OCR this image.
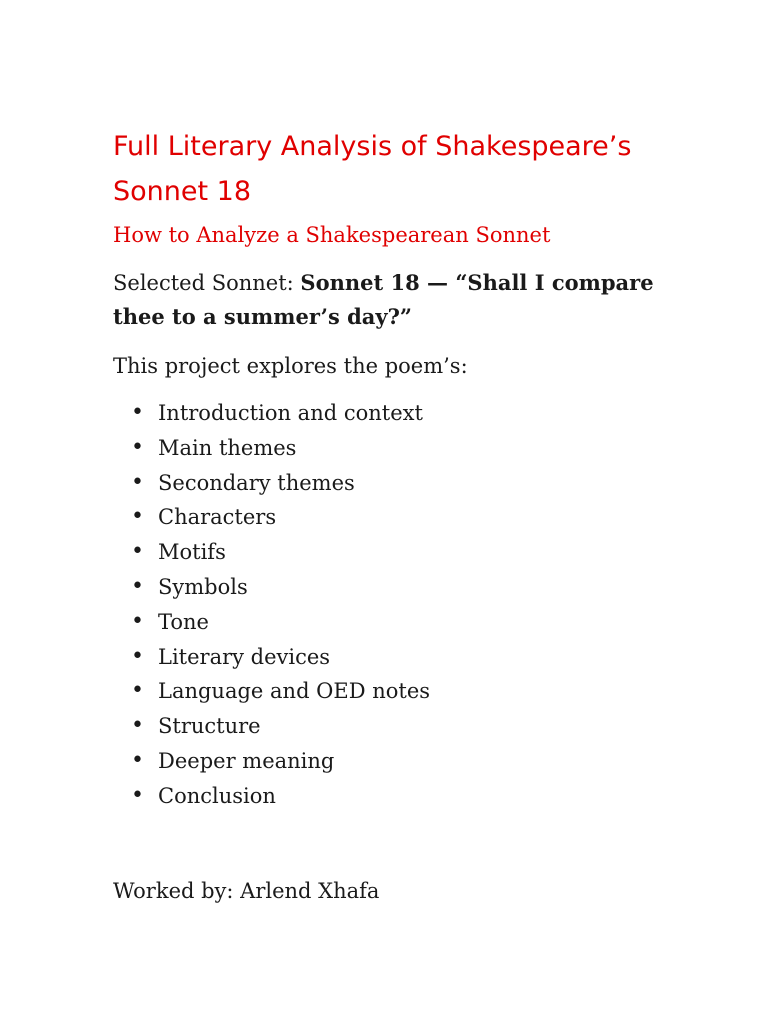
Full Literary Analysis of Shakespeare’s Sonnet 18

How to Analyze a Shakespearean Sonnet

Selected Sonnet: Sonnet 18 — “Shall I compare thee to a summer’s day?”

This project explores the poem’s:

• Introduction and context
• Main themes
• Secondary themes
• Characters
• Motifs
• Symbols
• Tone
• Literary devices
• Language and OED notes
• Structure
• Deeper meaning
• Conclusion

Worked by: Arlend Xhafa
